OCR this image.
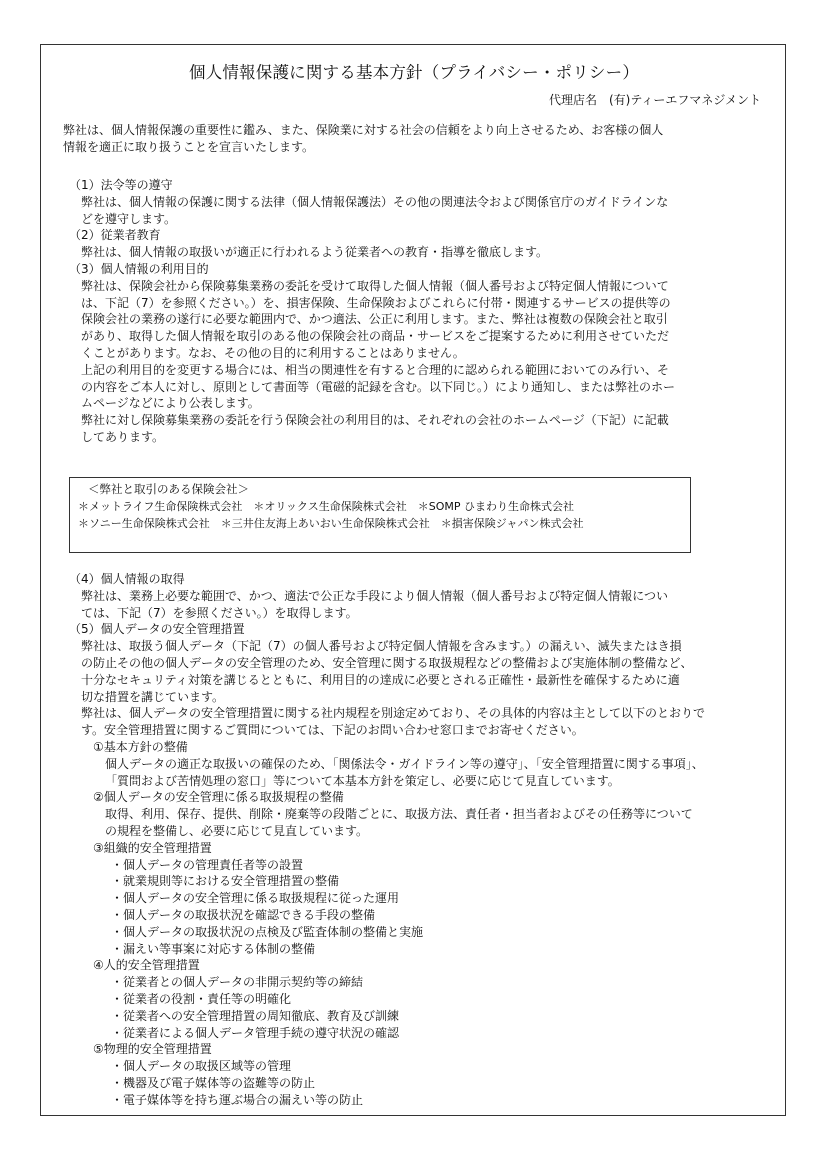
個人情報保護に関する基本方針（プライバシー・ポリシー）
代理店名　(有)ティーエフマネジメント

弊社は、個人情報保護の重要性に鑑み、また、保険業に対する社会の信頼をより向上させるため、お客様の個人

情報を適正に取り扱うことを宣言いたします。

（1）法令等の遵守

弊社は、個人情報の保護に関する法律（個人情報保護法）その他の関連法令および関係官庁のガイドラインな

どを遵守します。

（2）従業者教育

弊社は、個人情報の取扱いが適正に行われるよう従業者への教育・指導を徹底します。

（3）個人情報の利用目的

弊社は、保険会社から保険募集業務の委託を受けて取得した個人情報（個人番号および特定個人情報について

は、下記（7）を参照ください。）を、損害保険、生命保険およびこれらに付帯・関連するサービスの提供等の

保険会社の業務の遂行に必要な範囲内で、かつ適法、公正に利用します。また、弊社は複数の保険会社と取引

があり、取得した個人情報を取引のある他の保険会社の商品・サービスをご提案するために利用させていただ

くことがあります。なお、その他の目的に利用することはありません。

上記の利用目的を変更する場合には、相当の関連性を有すると合理的に認められる範囲においてのみ行い、そ

の内容をご本人に対し、原則として書面等（電磁的記録を含む。以下同じ。）により通知し、または弊社のホー

ムページなどにより公表します。

弊社に対し保険募集業務の委託を行う保険会社の利用目的は、それぞれの会社のホームページ（下記）に記載

してあります。

＜弊社と取引のある保険会社＞
＊メットライフ生命保険株式会社　＊オリックス生命保険株式会社　＊SOMP ひまわり生命株式会社
＊ソニー生命保険株式会社　＊三井住友海上あいおい生命保険株式会社　＊損害保険ジャパン株式会社

（4）個人情報の取得

弊社は、業務上必要な範囲で、かつ、適法で公正な手段により個人情報（個人番号および特定個人情報につい

ては、下記（7）を参照ください。）を取得します。

（5）個人データの安全管理措置

弊社は、取扱う個人データ（下記（7）の個人番号および特定個人情報を含みます。）の漏えい、滅失またはき損

の防止その他の個人データの安全管理のため、安全管理に関する取扱規程などの整備および実施体制の整備など、

十分なセキュリティ対策を講じるとともに、利用目的の達成に必要とされる正確性・最新性を確保するために適

切な措置を講じています。

弊社は、個人データの安全管理措置に関する社内規程を別途定めており、その具体的内容は主として以下のとおりで

す。安全管理措置に関するご質問については、下記のお問い合わせ窓口までお寄せください。

①基本方針の整備

個人データの適正な取扱いの確保のため、「関係法令・ガイドライン等の遵守」、「安全管理措置に関する事項」、

「質問および苦情処理の窓口」等について本基本方針を策定し、必要に応じて見直しています。

②個人データの安全管理に係る取扱規程の整備

取得、利用、保存、提供、削除・廃棄等の段階ごとに、取扱方法、責任者・担当者およびその任務等について

の規程を整備し、必要に応じて見直しています。

③組織的安全管理措置

・個人データの管理責任者等の設置

・就業規則等における安全管理措置の整備

・個人データの安全管理に係る取扱規程に従った運用

・個人データの取扱状況を確認できる手段の整備

・個人データの取扱状況の点検及び監査体制の整備と実施

・漏えい等事案に対応する体制の整備

④人的安全管理措置

・従業者との個人データの非開示契約等の締結

・従業者の役割・責任等の明確化

・従業者への安全管理措置の周知徹底、教育及び訓練

・従業者による個人データ管理手続の遵守状況の確認

⑤物理的安全管理措置

・個人データの取扱区域等の管理

・機器及び電子媒体等の盗難等の防止

・電子媒体等を持ち運ぶ場合の漏えい等の防止
